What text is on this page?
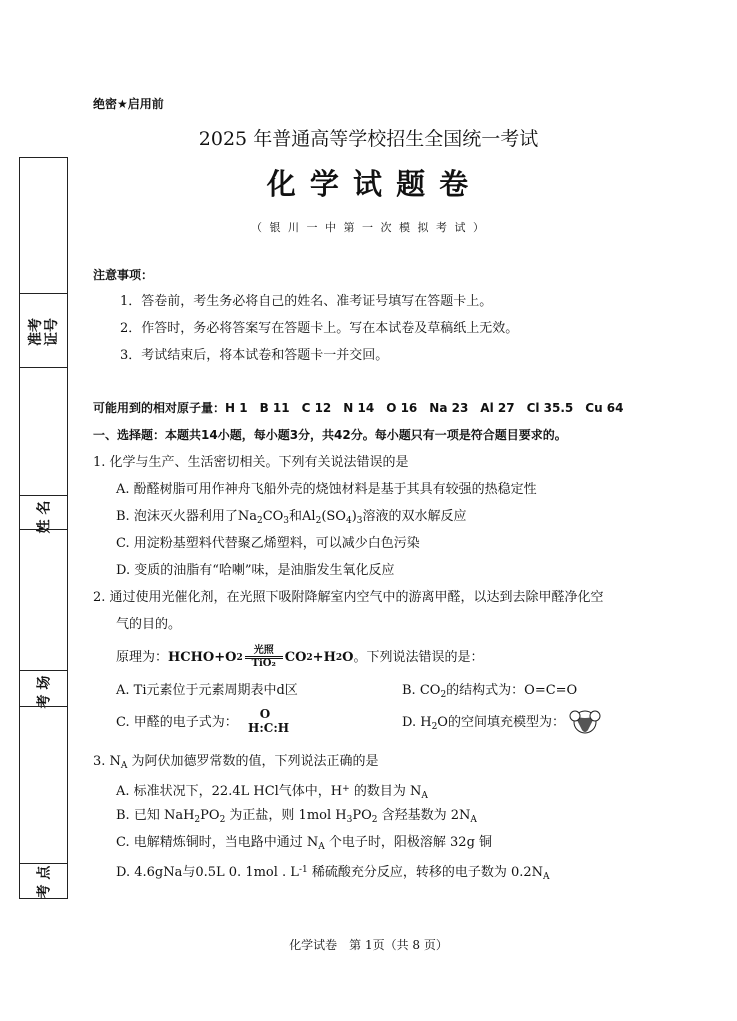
绝密★启用前
2025 年普通高等学校招生全国统一考试
化 学 试 题 卷
（ 银 川 一 中 第 一 次 模 拟 考 试 ）
准考
证号
姓 名
考 场
考 点
注意事项：
1．答卷前，考生务必将自己的姓名、准考证号填写在答题卡上。
2．作答时，务必将答案写在答题卡上。写在本试卷及草稿纸上无效。
3．考试结束后，将本试卷和答题卡一并交回。
可能用到的相对原子量：H 1　B 11　C 12　N 14　O 16　Na 23　Al 27　Cl 35.5　Cu 64
一、选择题：本题共14小题，每小题3分，共42分。每小题只有一项是符合题目要求的。
1. 化学与生产、生活密切相关。下列有关说法错误的是
A. 酚醛树脂可用作神舟飞船外壳的烧蚀材料是基于其具有较强的热稳定性
B. 泡沫灭火器利用了$Na_2CO_3$和$Al_2(SO_4)_3$溶液的双水解反应
C. 用淀粉基塑料代替聚乙烯塑料，可以减少白色污染
D. 变质的油脂有“哈喇”味，是油脂发生氧化反应
2. 通过使用光催化剂，在光照下吸附降解室内空气中的游离甲醛，以达到去除甲醛净化空
气的目的。
原理为： HCHO+O 2
光照
TiO₂ CO 2 +H 2 O 。下列说法错误的是：
A. Ti元素位于元素周期表中d区	B. $CO_2$的结构式为：O=C=O
C. 甲醛的电子式为：
O
H:C:H	D. $H_2O$的空间填充模型为：
3. $N_A$ 为阿伏加德罗常数的值，下列说法正确的是
A. 标准状况下，22.4L HCl气体中，H+ 的数目为 $N_A$
B. 已知 $NaH_2PO_2$ 为正盐，则 1mol $H_3PO_2$ 含羟基数为 $2N_A$
C. 电解精炼铜时，当电路中通过 $N_A$ 个电子时，阳极溶解 32g 铜
D. 4.6gNa与0.5L 0. 1mol . $L^{-1}$ 稀硫酸充分反应，转移的电子数为 $0.2N_A$
化学试卷　第 1页（共 8 页）
